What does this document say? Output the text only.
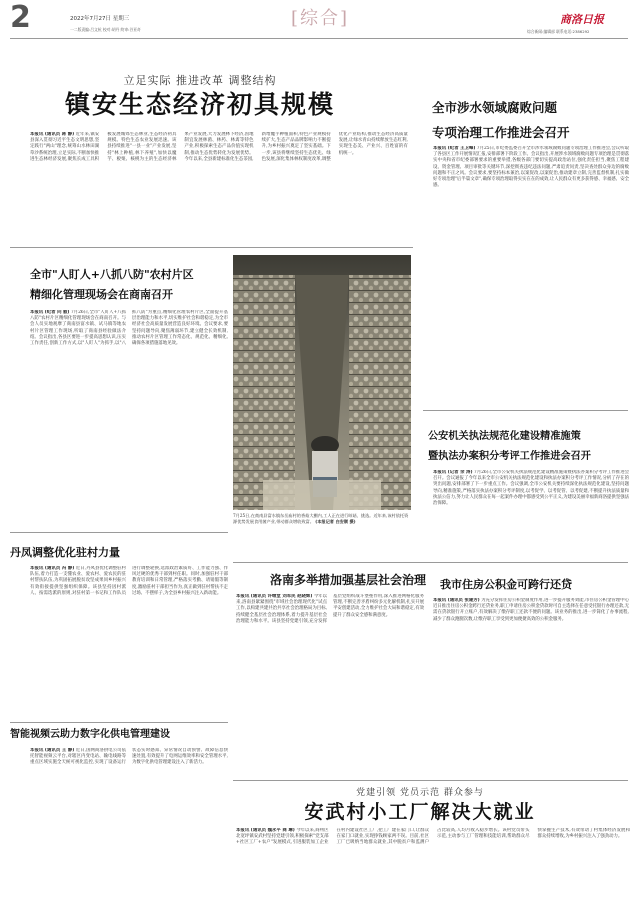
2	2022年7月27日 星期三
一二版责编:吕文杭 校对:胡丹 终审:谷亚奇
[综合]	商洛日报
综合新闻:编辑部 联系电话:2386292
立足实际 推进改革 调整结构
镇安生态经济初具规模
本报讯 (通讯员 蒋 静) 近年来,镇安县深入贯彻习近平生态文明思想,坚定践行"两山"理念,统筹山水林田湖草沙系统治理,立足实际,不断加快推进生态林经济发展,聚焦长成工具积极发展城郊生态林业,生态经济初具规模。特色生态农业发展迅速。该县持续推进"一县一业"产业发展,坚持"林上种植,林下养殖",加快以魔芋、板栗、核桃为主的生态经济林果产业发展,大力发展林下经济,因地制宜发展林菌、林药、林禽等特色产业,积极探索生态产品价值实现机制,推动生态优势转化为发展优势。今年以来,全县新建标准化生态茶园,新增魔芋种植面积,特色产业规模持续扩大,生态产品品牌影响力不断提升,为乡村振兴奠定了坚实基础。下一步,该县将继续坚持生态优先、绿色发展,深化集体林权制度改革,调整优化产业结构,推动生态经济高质量发展,让绿水青山持续释放生态红利,实现生态美、产业兴、百姓富的有机统一。
全市涉水领域腐败问题
专项治理工作推进会召开
本报讯 (纪者 王卫峰) 7月25日,市纪委监委召开全市涉水领域腐败问题专项治理工作推进会,会议听取了各县区工作开展情况汇报,安排部署下阶段工作。会议指出,开展涉水领域腐败问题专项治理是贯彻落实中央和省市纪委部署要求的重要举措,各级各部门要切实提高政治站位,强化责任担当,聚焦工程建设、资金管理、项目审批等关键环节,深挖彻查违纪违法问题,严肃追责问责,坚决查处群众身边的腐败问题和不正之风。会议要求,要坚持标本兼治,以案促改,以案促治,推动建章立制,完善监督机制,扎实做好专项治理"后半篇文章",确保专项治理取得实实在在的成效,让人民群众有更多获得感、幸福感、安全感。
全市"人盯人+八抓八防"农村片区
精细化管理现场会在商南召开
本报讯 (纪者 向 毅) 7月26日,全市"人盯人+八抓八防"农村片区精细化管理现场会在商南召开。与会人员实地观摩了商南县富水镇、试马镇等地农村片区管理工作现场,听取了商南县经验做法介绍。会议指出,各县区要进一步提高思想认识,压实工作责任,创新工作方式,以"人盯人"为抓手,以"八抓八防"为重点,精细化管理农村片区,全面提升基层治理能力和水平,切实维护社会和谐稳定,为全市经济社会高质量发展营造良好环境。会议要求,要坚持问题导向,聚焦薄弱环节,建立健全长效机制,推动农村片区管理工作常态化、规范化、精细化,确保各项措施落地见效。
7月25日,在商南县富水镇东岳庙村的香菇大棚内,工人正在进行晾菇、挑选。近年来,该村依托资源优势发展食用菌产业,带动群众增收致富。 (本报记者 白安顺 摄)
公安机关执法规范化建设精准施策
暨执法办案积分考评工作推进会召开
本报讯 (记者 余 涛) 7月26日,全市公安机关执法规范化建设精准施策暨执法办案积分考评工作推进会召开。会议通报了今年以来全市公安机关执法规范化建设和执法办案积分考评工作情况,分析了存在的突出问题,安排部署了下一步重点工作。会议强调,全市公安机关要持续深化执法规范化建设,坚持问题导向,精准施策,严格落实执法办案积分考评制度,以考促学、以考促管、以考促建,不断提升执法质量和执法公信力,努力让人民群众在每一起案件办理中都感受到公平正义,为建设美丽幸福新商洛提供坚强法治保障。
丹凤调整优化驻村力量
本报讯 (通讯员 冯 静) 近日,丹凤县优化调整驻村队伍,着力打造一支懂农业、爱农村、爱农民的驻村帮扶队伍,为巩固拓展脱贫攻坚成果同乡村振兴有效衔接提供坚强组织保障。该县坚持因村派人、按需选派的原则,对驻村第一书记和工作队员进行调整轮换,选派政治素质好、工作能力强、作风过硬的优秀干部到村任职。同时,加强驻村干部教育培训和日常管理,严格落实考勤、请销假等制度,激励驻村干部担当作为,真正做到驻村帮扶不走过场、不摆样子,为全县乡村振兴注入新动能。
洛南多举措加强基层社会治理
本报讯 (通讯员 许继堂 刘军民 赵晓辉) 今年以来,洛南县紧紧围绕"市域社会治理现代化"试点工作,以构建共建共治共享社会治理格局为目标,持续健全基层社会治理体系,着力提升基层社会治理能力和水平。该县坚持党建引领,充分发挥基层党组织战斗堡垒作用,深入推进网格化服务管理,不断完善矛盾纠纷多元化解机制,扎实开展平安创建活动,全力维护社会大局和谐稳定,有效提升了群众安全感和满意度。
我市住房公积金可跨行还贷
本报讯 (通讯员 张建芳) 为充分发挥住房公积金制度作用,进一步提升服务效能,市住房公积金管理中心近日推出住房公积金跨行还贷业务,职工申请住房公积金贷款时可自主选择在任意受托银行办理还款,无需在贷款银行开立账户,有效解决了缴存职工还款不便的问题。该业务的推出,进一步简化了办事流程,减少了群众跑腿次数,让缴存职工享受到更加便捷高效的公积金服务。
智能视频云助力数字化供电管理建设
本报讯 (通讯员 王 静) 近日,国网商洛供电公司依托智能视频云平台,对辖区内变电站、输电线路等重点区域实施全天候可视化监控,实现了设备运行状态实时感知、异常情况自动预警、故障信息快速处置,有效提升了电网运维效率和安全管理水平,为数字化供电管理建设注入了新活力。
党建引领 党员示范 群众参与
安武村小工厂解决大就业
本报讯 (通讯员 魏永平 商 琳) 今年以来,商州区北宽坪镇安武村坚持党建引领,积极探索"党支部+社区工厂+农户"发展模式,引进服装加工企业在村内建设社区工厂,把工厂建在家门口,让群众在家门口就业,实现挣钱顾家两不误。目前,社区工厂已吸纳当地群众就业,其中脱贫户和监测户占比较高,人均月收入稳步增长。该村党员带头示范,主动参与工厂管理和技能培训,帮助群众尽快掌握生产技术,有效带动了村集体经济发展和群众持续增收,为乡村振兴注入了强劲动力。
